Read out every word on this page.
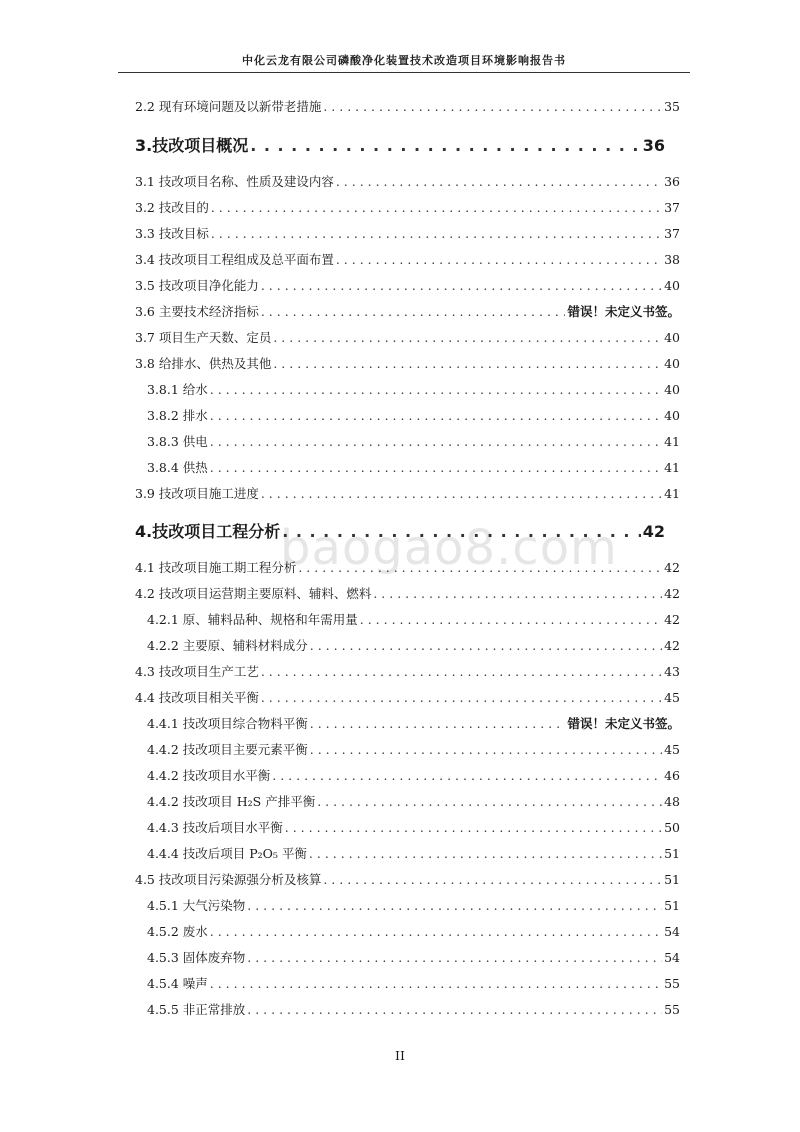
中化云龙有限公司磷酸净化装置技术改造项目环境影响报告书
baogao8.com
2.2 现有环境问题及以新带老措施 . . .	35
3.技改项目概况 . . .	36
3.1 技改项目名称、性质及建设内容 . . .	36
3.2 技改目的 . . .	37
3.3 技改目标 . . .	37
3.4 技改项目工程组成及总平面布置 . . .	38
3.5 技改项目净化能力 . . .	40
3.6 主要技术经济指标 . . .	错误！未定义书签。
3.7 项目生产天数、定员 . . .	40
3.8 给排水、供热及其他 . . .	40
3.8.1 给水 . . .	40
3.8.2 排水 . . .	40
3.8.3 供电 . . .	41
3.8.4 供热 . . .	41
3.9 技改项目施工进度 . . .	41
4.技改项目工程分析 . . .	42
4.1 技改项目施工期工程分析 . . .	42
4.2 技改项目运营期主要原料、辅料、燃料 . . .	42
4.2.1 原、辅料品种、规格和年需用量 . . .	42
4.2.2 主要原、辅料材料成分 . . .	42
4.3 技改项目生产工艺 . . .	43
4.4 技改项目相关平衡 . . .	45
4.4.1 技改项目综合物料平衡 . . .	错误！未定义书签。
4.4.2 技改项目主要元素平衡 . . .	45
4.4.2 技改项目水平衡 . . .	46
4.4.2 技改项目 H₂S 产排平衡 . . .	48
4.4.3 技改后项目水平衡 . . .	50
4.4.4 技改后项目 P₂O₅ 平衡 . . .	51
4.5 技改项目污染源强分析及核算 . . .	51
4.5.1 大气污染物 . . .	51
4.5.2 废水 . . .	54
4.5.3 固体废弃物 . . .	54
4.5.4 噪声 . . .	55
4.5.5 非正常排放 . . .	55
II
